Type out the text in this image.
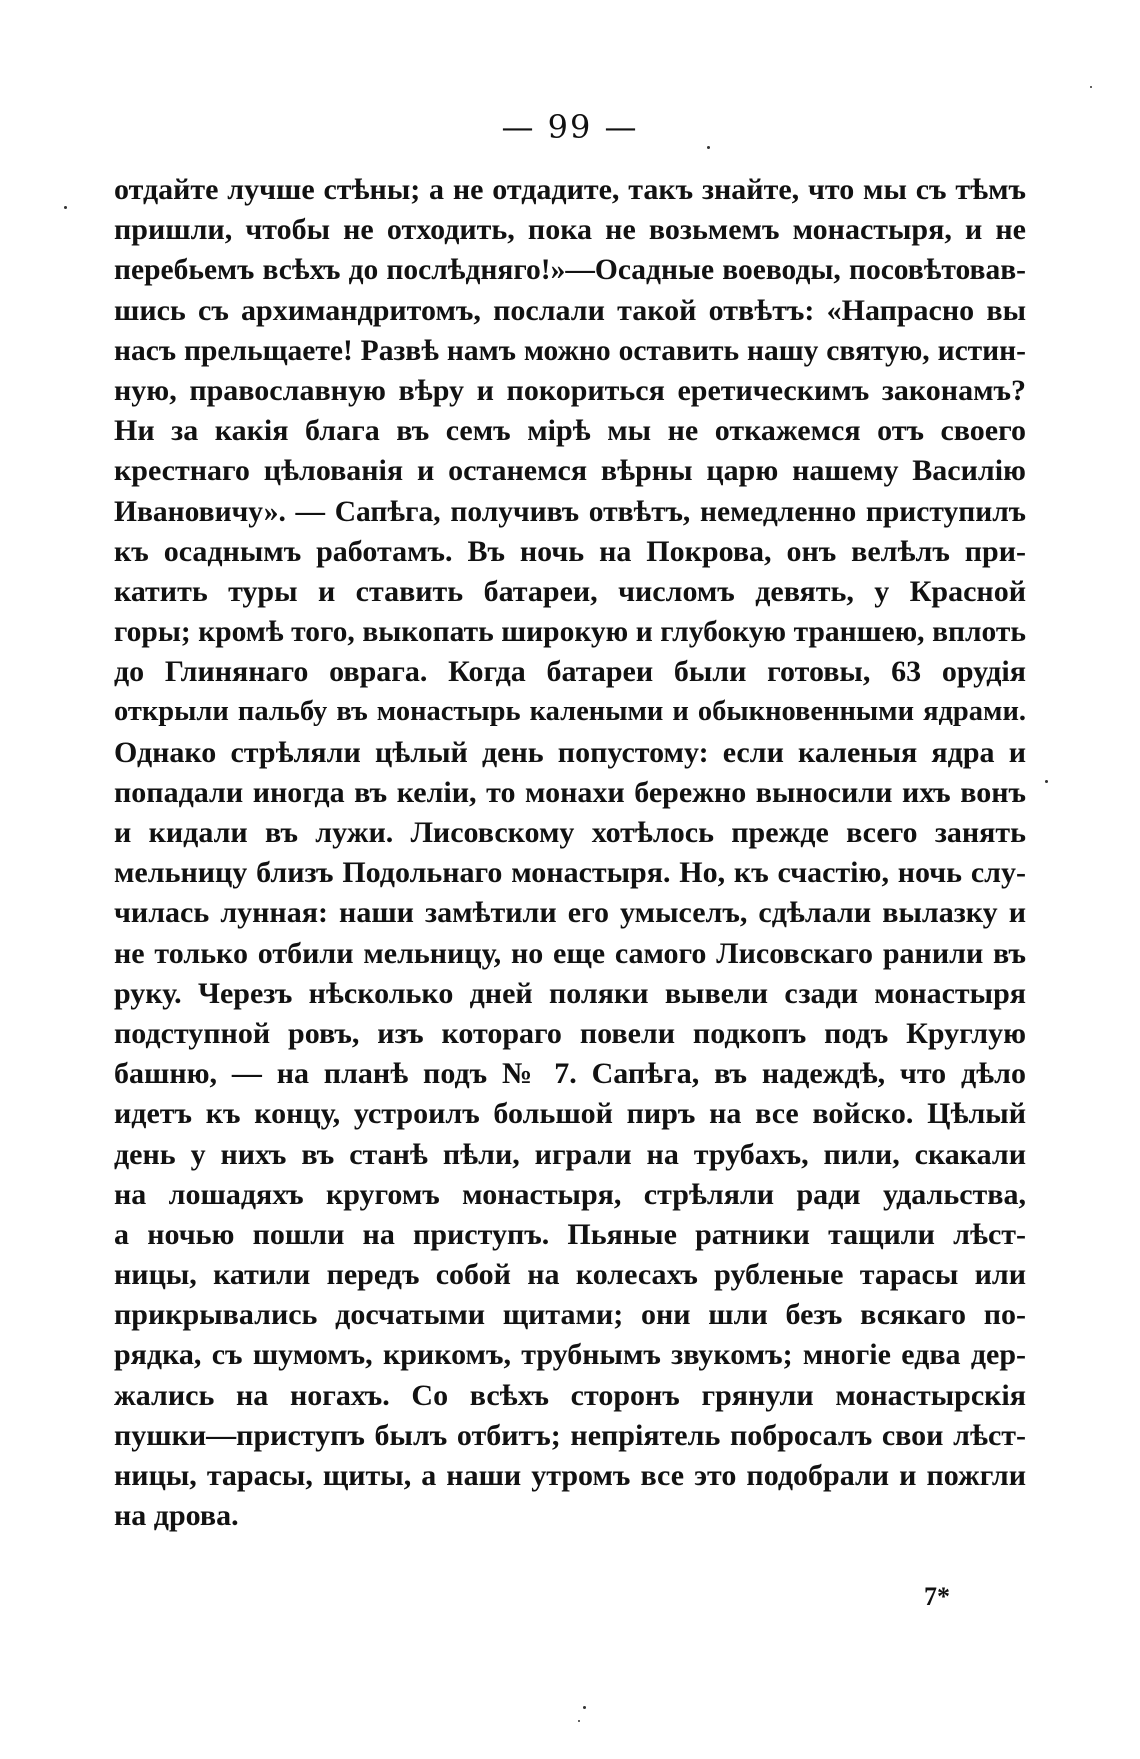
— 99 —
отдайте лучше стѣны; а не отдадите, такъ знайте, что мы съ тѣмъ
пришли, чтобы не отходить, пока не возьмемъ монастыря, и не
перебьемъ всѣхъ до послѣдняго!»—Осадные воеводы, посовѣтовав-
шись съ архимандритомъ, послали такой отвѣтъ: «Напрасно вы
насъ прельщаете! Развѣ намъ можно оставить нашу святую, истин-
ную, православную вѣру и покориться еретическимъ законамъ?
Ни за какія блага въ семъ мірѣ мы не откажемся отъ своего
крестнаго цѣлованія и останемся вѣрны царю нашему Василію
Ивановичу». — Сапѣга, получивъ отвѣтъ, немедленно приступилъ
къ осаднымъ работамъ. Въ ночь на Покрова, онъ велѣлъ при-
катить туры и ставить батареи, числомъ девять, у Красной
горы; кромѣ того, выкопать широкую и глубокую траншею, вплоть
до Глинянаго оврага. Когда батареи были готовы, 63 орудія
открыли пальбу въ монастырь калеными и обыкновенными ядрами.
Однако стрѣляли цѣлый день попустому: если каленыя ядра и
попадали иногда въ келіи, то монахи бережно выносили ихъ вонъ
и кидали въ лужи. Лисовскому хотѣлось прежде всего занять
мельницу близъ Подольнаго монастыря. Но, къ счастію, ночь слу-
чилась лунная: наши замѣтили его умыселъ, сдѣлали вылазку и
не только отбили мельницу, но еще самого Лисовскаго ранили въ
руку. Черезъ нѣсколько дней поляки вывели сзади монастыря
подступной ровъ, изъ котораго повели подкопъ подъ Круглую
башню, — на планѣ подъ № 7. Сапѣга, въ надеждѣ, что дѣло
идетъ къ концу, устроилъ большой пиръ на все войско. Цѣлый
день у нихъ въ станѣ пѣли, играли на трубахъ, пили, скакали
на лошадяхъ кругомъ монастыря, стрѣляли ради удальства,
а ночью пошли на приступъ. Пьяные ратники тащили лѣст-
ницы, катили передъ собой на колесахъ рубленые тарасы или
прикрывались досчатыми щитами; они шли безъ всякаго по-
рядка, съ шумомъ, крикомъ, трубнымъ звукомъ; многіе едва дер-
жались на ногахъ. Со всѣхъ сторонъ грянули монастырскія
пушки—приступъ былъ отбитъ; непріятель побросалъ свои лѣст-
ницы, тарасы, щиты, а наши утромъ все это подобрали и пожгли
на дрова.
7*
